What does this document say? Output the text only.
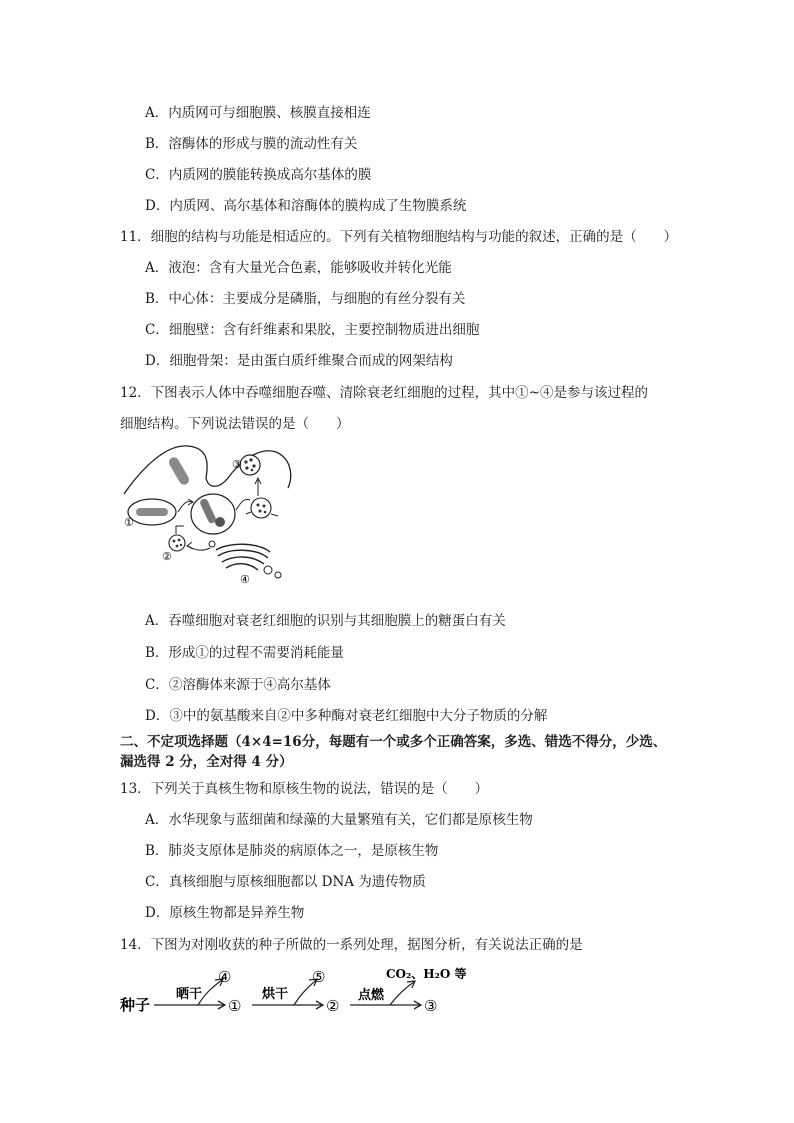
A．内质网可与细胞膜、核膜直接相连
B．溶酶体的形成与膜的流动性有关
C．内质网的膜能转换成高尔基体的膜
D．内质网、高尔基体和溶酶体的膜构成了生物膜系统
11．细胞的结构与功能是相适应的。下列有关植物细胞结构与功能的叙述，正确的是（　　）
A．液泡：含有大量光合色素，能够吸收并转化光能
B．中心体：主要成分是磷脂，与细胞的有丝分裂有关
C．细胞壁：含有纤维素和果胶，主要控制物质进出细胞
D．细胞骨架：是由蛋白质纤维聚合而成的网架结构
12．下图表示人体中吞噬细胞吞噬、清除衰老红细胞的过程，其中①~④是参与该过程的
细胞结构。下列说法错误的是（　　）
③
①
②
④
A．吞噬细胞对衰老红细胞的识别与其细胞膜上的糖蛋白有关
B．形成①的过程不需要消耗能量
C．②溶酶体来源于④高尔基体
D．③中的氨基酸来自②中多种酶对衰老红细胞中大分子物质的分解
二、不定项选择题（4×4=16分，每题有一个或多个正确答案，多选、错选不得分，少选、
漏选得 2 分，全对得 4 分）
13．下列关于真核生物和原核生物的说法，错误的是（　　）
A．水华现象与蓝细菌和绿藻的大量繁殖有关，它们都是原核生物
B．肺炎支原体是肺炎的病原体之一，是原核生物
C．真核细胞与原核细胞都以 DNA 为遗传物质
D．原核生物都是异养生物
14．下图为对刚收获的种子所做的一系列处理，据图分析，有关说法正确的是
种子
晒干
④
①
烘干
⑤
②
点燃
CO₂、H₂O 等
③
